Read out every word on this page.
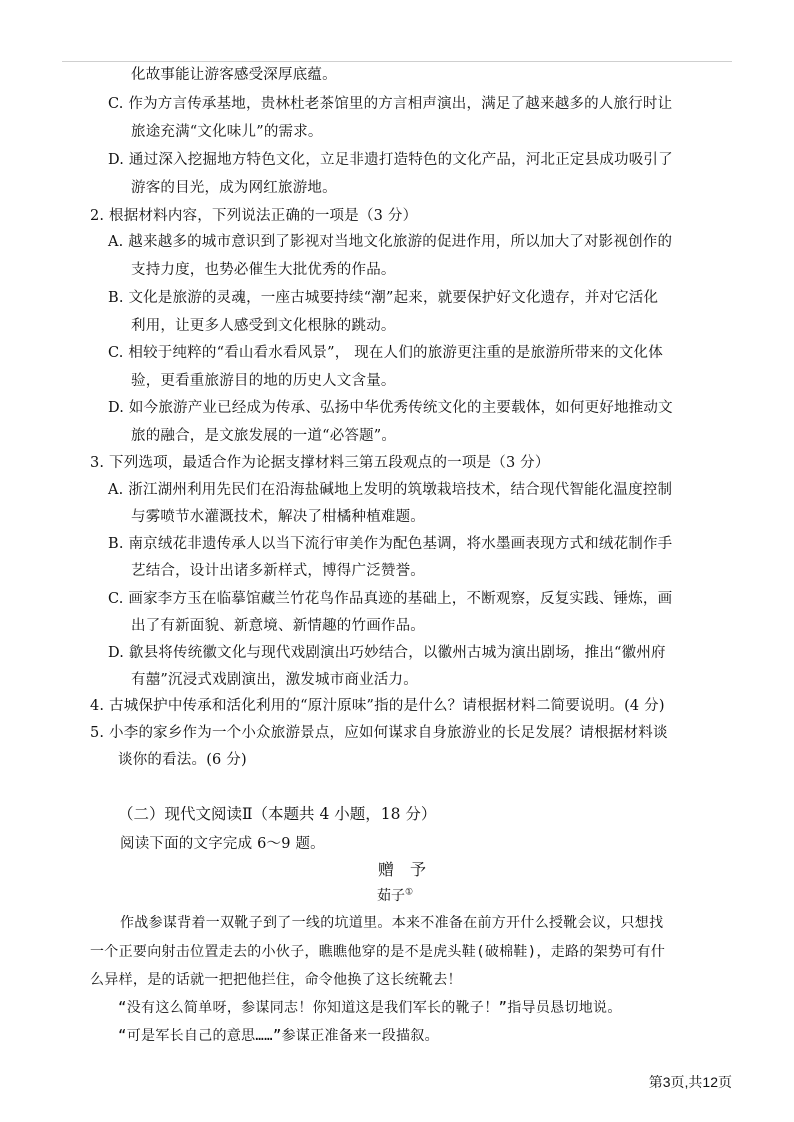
化故事能让游客感受深厚底蕴。
C. 作为方言传承基地，贵林杜老茶馆里的方言相声演出，满足了越来越多的人旅行时让
旅途充满“文化味儿”的需求。
D. 通过深入挖掘地方特色文化，立足非遗打造特色的文化产品，河北正定县成功吸引了
游客的目光，成为网红旅游地。
2. 根据材料内容，下列说法正确的一项是（3 分）
A. 越来越多的城市意识到了影视对当地文化旅游的促进作用，所以加大了对影视创作的
支持力度，也势必催生大批优秀的作品。
B. 文化是旅游的灵魂，一座古城要持续“潮”起来，就要保护好文化遗存，并对它活化
利用，让更多人感受到文化根脉的跳动。
C. 相较于纯粹的“看山看水看风景”， 现在人们的旅游更注重的是旅游所带来的文化体
验，更看重旅游目的地的历史人文含量。
D. 如今旅游产业已经成为传承、弘扬中华优秀传统文化的主要载体，如何更好地推动文
旅的融合，是文旅发展的一道“必答题”。
3. 下列选项，最适合作为论据支撑材料三第五段观点的一项是（3 分）
A. 浙江湖州利用先民们在沿海盐碱地上发明的筑墩栽培技术，结合现代智能化温度控制
与雾喷节水灌溉技术，解决了柑橘种植难题。
B. 南京绒花非遗传承人以当下流行审美作为配色基调，将水墨画表现方式和绒花制作手
艺结合，设计出诸多新样式，博得广泛赞誉。
C. 画家李方玉在临摹馆藏兰竹花鸟作品真迹的基础上，不断观察，反复实践、锤炼，画
出了有新面貌、新意境、新情趣的竹画作品。
D. 歙县将传统徽文化与现代戏剧演出巧妙结合，以徽州古城为演出剧场，推出“徽州府
有囍”沉浸式戏剧演出，激发城市商业活力。
4. 古城保护中传承和活化利用的“原汁原味”指的是什么？请根据材料二简要说明。(4 分)
5. 小李的家乡作为一个小众旅游景点，应如何谋求自身旅游业的长足发展？请根据材料谈
谈你的看法。(6 分)
（二）现代文阅读Ⅱ（本题共 4 小题，18 分）
阅读下面的文字完成 6～9 题。
赠　予
茹子①
作战参谋背着一双靴子到了一线的坑道里。本来不准备在前方开什么授靴会议，只想找
一个正要向射击位置走去的小伙子，瞧瞧他穿的是不是虎头鞋(破棉鞋)，走路的架势可有什
么异样，是的话就一把把他拦住，命令他换了这长统靴去！
“没有这么简单呀，参谋同志！你知道这是我们军长的靴子！”指导员恳切地说。
“可是军长自己的意思……”参谋正准备来一段描叙。
第3页,共12页
